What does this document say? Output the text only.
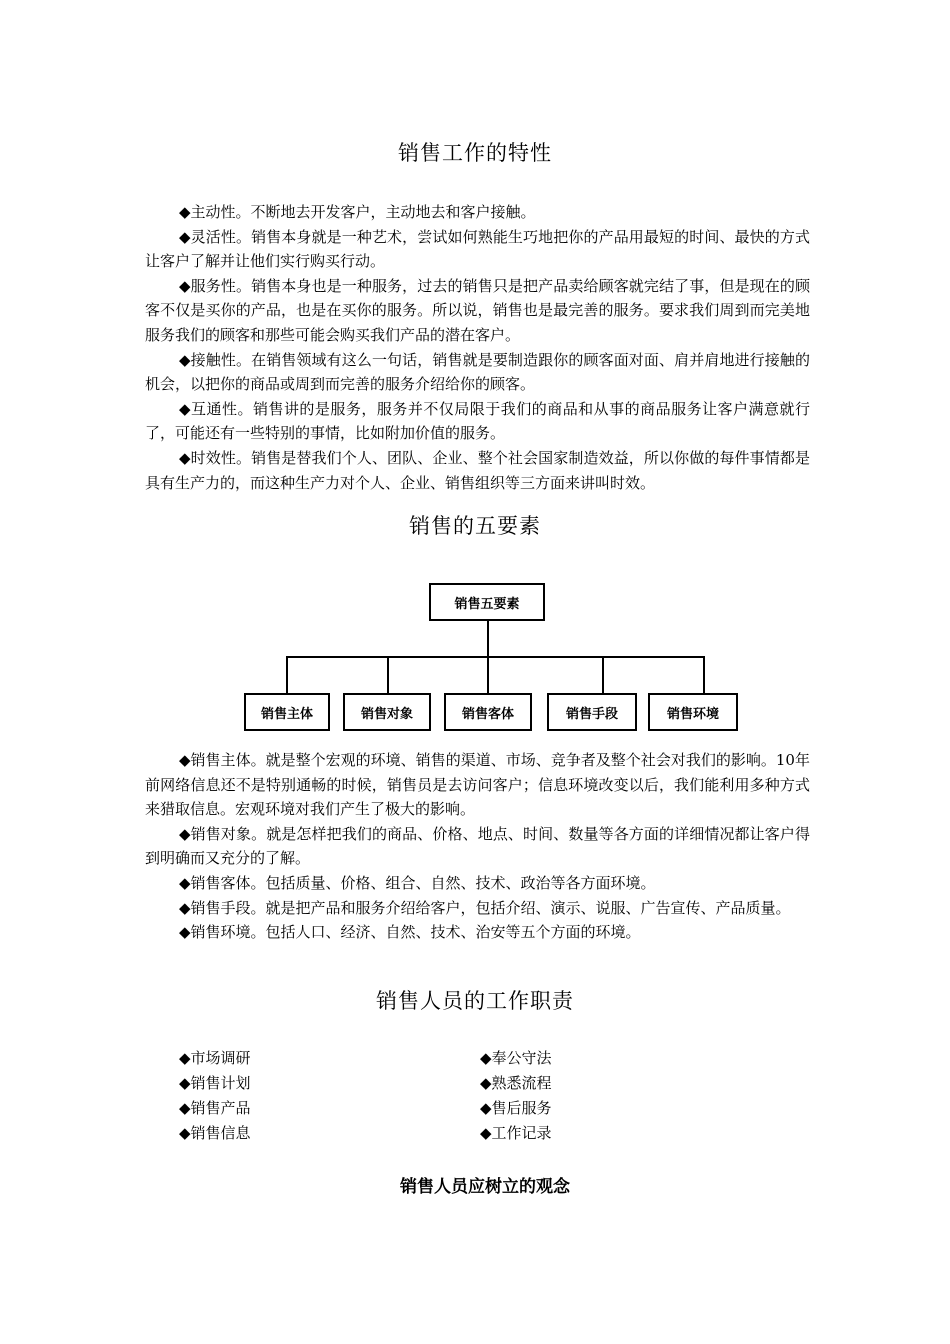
销售工作的特性

◆主动性。不断地去开发客户，主动地去和客户接触。

◆灵活性。销售本身就是一种艺术，尝试如何熟能生巧地把你的产品用最短的时间、最快的方式让客户了解并让他们实行购买行动。

◆服务性。销售本身也是一种服务，过去的销售只是把产品卖给顾客就完结了事，但是现在的顾客不仅是买你的产品，也是在买你的服务。所以说，销售也是最完善的服务。要求我们周到而完美地服务我们的顾客和那些可能会购买我们产品的潜在客户。

◆接触性。在销售领域有这么一句话，销售就是要制造跟你的顾客面对面、肩并肩地进行接触的机会，以把你的商品或周到而完善的服务介绍给你的顾客。

◆互通性。销售讲的是服务，服务并不仅局限于我们的商品和从事的商品服务让客户满意就行了，可能还有一些特别的事情，比如附加价值的服务。

◆时效性。销售是替我们个人、团队、企业、整个社会国家制造效益，所以你做的每件事情都是具有生产力的，而这种生产力对个人、企业、销售组织等三方面来讲叫时效。

销售的五要素
销售五要素
销售主体	销售对象	销售客体	销售手段	销售环境

◆销售主体。就是整个宏观的环境、销售的渠道、市场、竞争者及整个社会对我们的影响。10年前网络信息还不是特别通畅的时候，销售员是去访问客户；信息环境改变以后，我们能利用多种方式来猎取信息。宏观环境对我们产生了极大的影响。

◆销售对象。就是怎样把我们的商品、价格、地点、时间、数量等各方面的详细情况都让客户得到明确而又充分的了解。

◆销售客体。包括质量、价格、组合、自然、技术、政治等各方面环境。

◆销售手段。就是把产品和服务介绍给客户，包括介绍、演示、说服、广告宣传、产品质量。

◆销售环境。包括人口、经济、自然、技术、治安等五个方面的环境。

销售人员的工作职责
◆市场调研
◆销售计划
◆销售产品
◆销售信息
◆奉公守法
◆熟悉流程
◆售后服务
◆工作记录
销售人员应树立的观念
